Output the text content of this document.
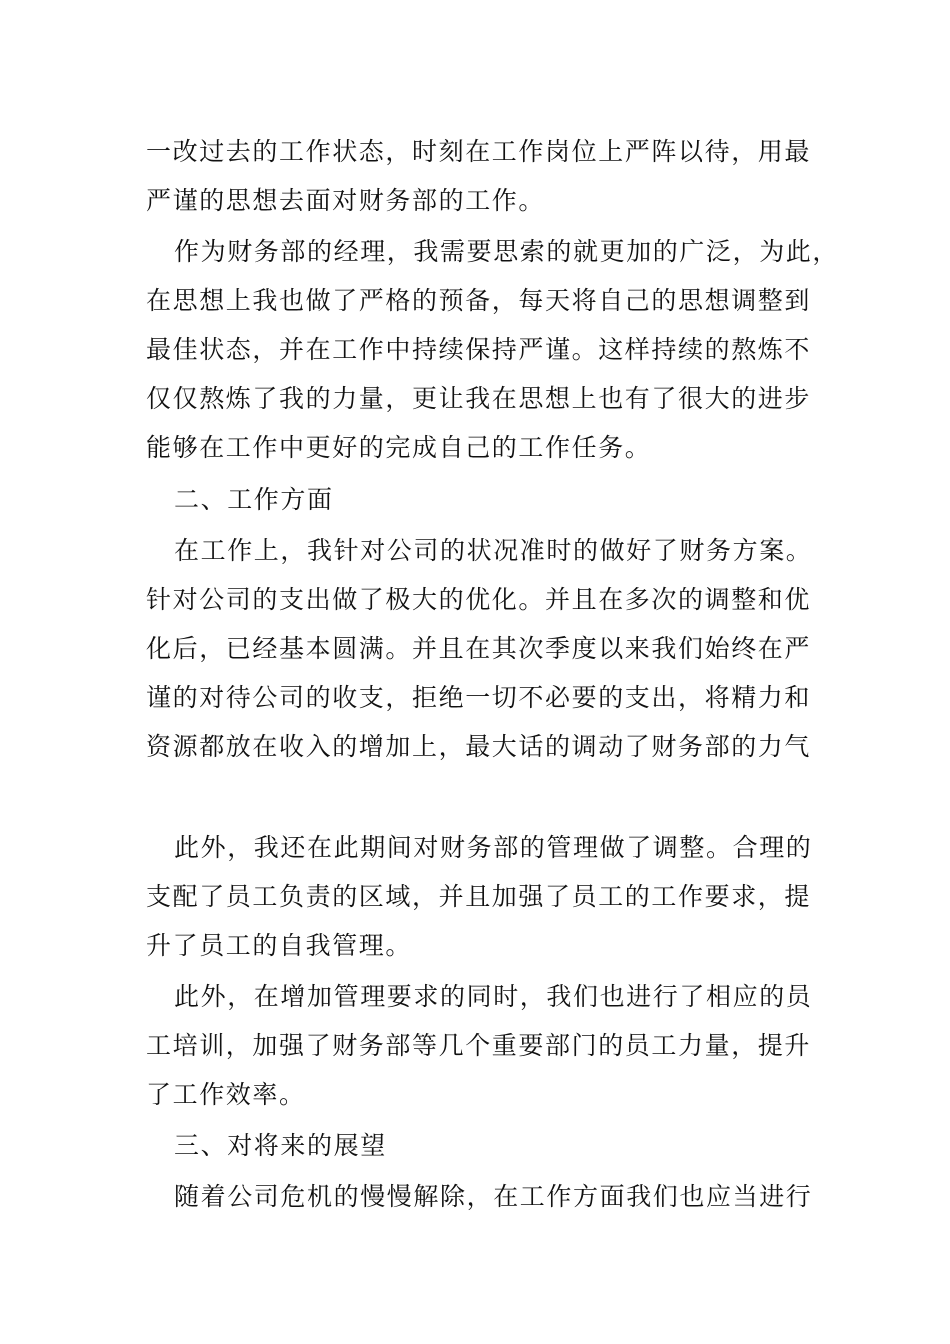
一改过去的工作状态，时刻在工作岗位上严阵以待，用最
严谨的思想去面对财务部的工作。
作为财务部的经理，我需要思索的就更加的广泛，为此，
在思想上我也做了严格的预备，每天将自己的思想调整到
最佳状态，并在工作中持续保持严谨。这样持续的熬炼不
仅仅熬炼了我的力量，更让我在思想上也有了很大的进步
能够在工作中更好的完成自己的工作任务。
二、工作方面
在工作上，我针对公司的状况准时的做好了财务方案。
针对公司的支出做了极大的优化。并且在多次的调整和优
化后，已经基本圆满。并且在其次季度以来我们始终在严
谨的对待公司的收支，拒绝一切不必要的支出，将精力和
资源都放在收入的增加上，最大话的调动了财务部的力气
此外，我还在此期间对财务部的管理做了调整。合理的
支配了员工负责的区域，并且加强了员工的工作要求，提
升了员工的自我管理。
此外，在增加管理要求的同时，我们也进行了相应的员
工培训，加强了财务部等几个重要部门的员工力量，提升
了工作效率。
三、对将来的展望
随着公司危机的慢慢解除，在工作方面我们也应当进行
